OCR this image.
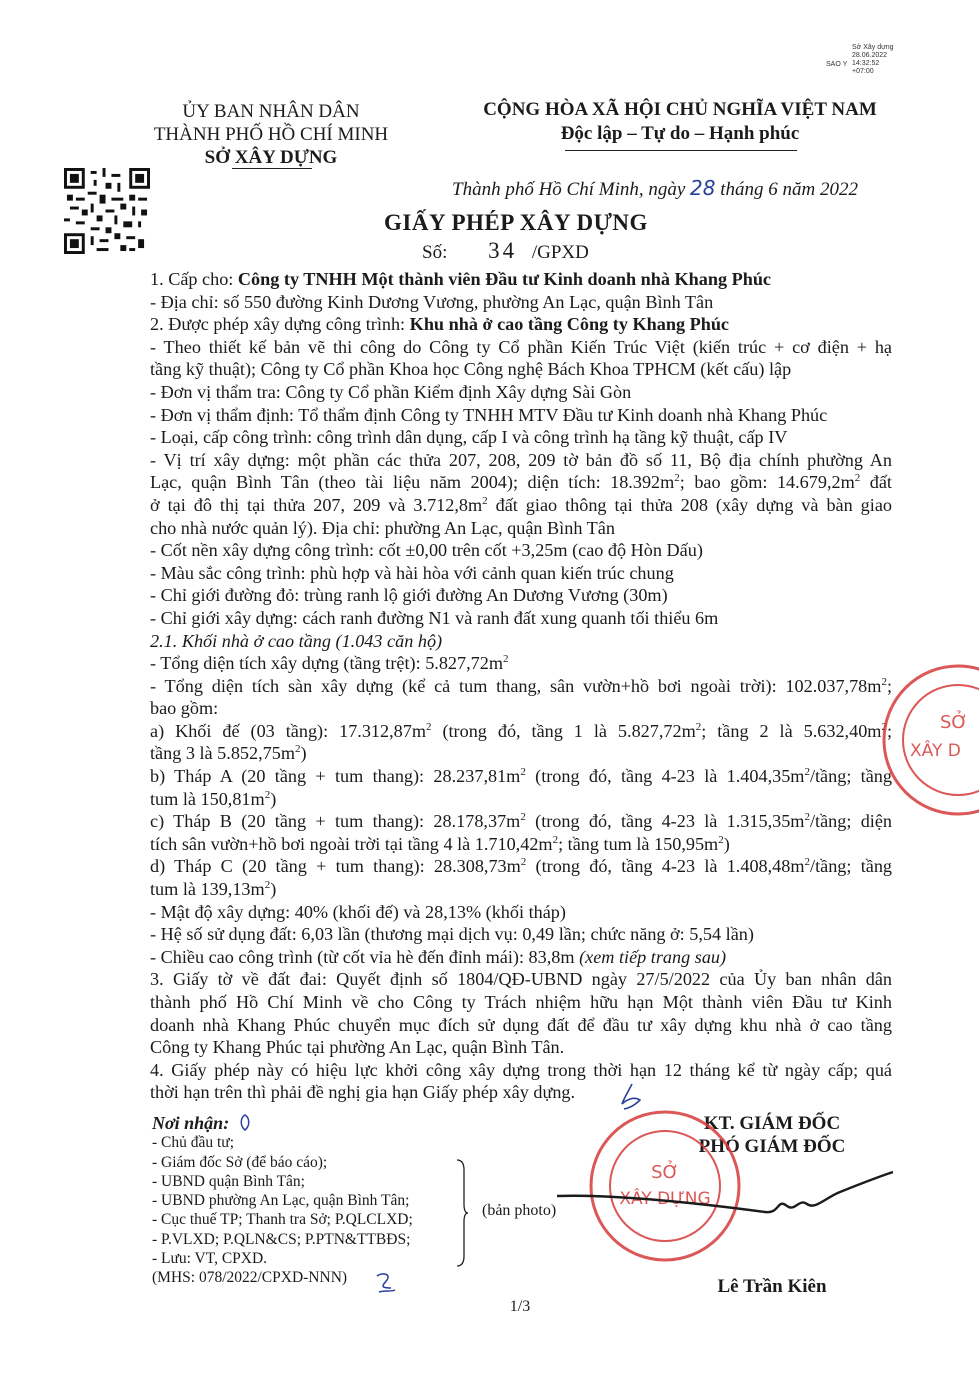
Sở Xây dựng
28.06.2022
14:32:52
+07:00
SAO Y
ỦY BAN NHÂN DÂN
THÀNH PHỐ HỒ CHÍ MINH
SỞ XÂY DỰNG
CỘNG HÒA XÃ HỘI CHỦ NGHĨA VIỆT NAM
Độc lập – Tự do – Hạnh phúc
Thành phố Hồ Chí Minh, ngày 28 tháng 6 năm 2022
GIẤY PHÉP XÂY DỰNG
Số: 34 /GPXD
1. Cấp cho: Công ty TNHH Một thành viên Đầu tư Kinh doanh nhà Khang Phúc
- Địa chỉ: số 550 đường Kinh Dương Vương, phường An Lạc, quận Bình Tân
2. Được phép xây dựng công trình: Khu nhà ở cao tầng Công ty Khang Phúc
- Theo thiết kế bản vẽ thi công do Công ty Cổ phần Kiến Trúc Việt (kiến trúc + cơ điện + hạ
tầng kỹ thuật); Công ty Cổ phần Khoa học Công nghệ Bách Khoa TPHCM (kết cấu) lập
- Đơn vị thẩm tra: Công ty Cổ phần Kiểm định Xây dựng Sài Gòn
- Đơn vị thẩm định: Tổ thẩm định Công ty TNHH MTV Đầu tư Kinh doanh nhà Khang Phúc
- Loại, cấp công trình: công trình dân dụng, cấp I và công trình hạ tầng kỹ thuật, cấp IV
- Vị trí xây dựng: một phần các thửa 207, 208, 209 tờ bản đồ số 11, Bộ địa chính phường An
Lạc, quận Bình Tân (theo tài liệu năm 2004); diện tích: $18.392m^2$; bao gồm: $14.679,2m^2$ đất
ở tại đô thị tại thửa 207, 209 và $3.712,8m^2$ đất giao thông tại thửa 208 (xây dựng và bàn giao
cho nhà nước quản lý). Địa chỉ: phường An Lạc, quận Bình Tân
- Cốt nền xây dựng công trình: cốt ±0,00 trên cốt +3,25m (cao độ Hòn Dấu)
- Màu sắc công trình: phù hợp và hài hòa với cảnh quan kiến trúc chung
- Chỉ giới đường đỏ: trùng ranh lộ giới đường An Dương Vương (30m)
- Chỉ giới xây dựng: cách ranh đường N1 và ranh đất xung quanh tối thiểu 6m
2.1. Khối nhà ở cao tầng (1.043 căn hộ)
- Tổng diện tích xây dựng (tầng trệt): $5.827,72m^2$
- Tổng diện tích sàn xây dựng (kể cả tum thang, sân vườn+hồ bơi ngoài trời): $102.037,78m^2$;
bao gồm:
a) Khối đế (03 tầng): $17.312,87m^2$ (trong đó, tầng 1 là $5.827,72m^2$; tầng 2 là $5.632,40m^2$;
tầng 3 là $5.852,75m^2$)
b) Tháp A (20 tầng + tum thang): $28.237,81m^2$ (trong đó, tầng 4-23 là $1.404,35m^2$/tầng; tầng
tum là $150,81m^2$)
c) Tháp B (20 tầng + tum thang): $28.178,37m^2$ (trong đó, tầng 4-23 là $1.315,35m^2$/tầng; diện
tích sân vườn+hồ bơi ngoài trời tại tầng 4 là $1.710,42m^2$; tầng tum là $150,95m^2$)
d) Tháp C (20 tầng + tum thang): $28.308,73m^2$ (trong đó, tầng 4-23 là $1.408,48m^2$/tầng; tầng
tum là $139,13m^2$)
- Mật độ xây dựng: 40% (khối đế) và 28,13% (khối tháp)
- Hệ số sử dụng đất: 6,03 lần (thương mại dịch vụ: 0,49 lần; chức năng ở: 5,54 lần)
- Chiều cao công trình (từ cốt vỉa hè đến đỉnh mái): 83,8m (xem tiếp trang sau)
3. Giấy tờ về đất đai: Quyết định số 1804/QĐ-UBND ngày 27/5/2022 của Ủy ban nhân dân
thành phố Hồ Chí Minh về cho Công ty Trách nhiệm hữu hạn Một thành viên Đầu tư Kinh
doanh nhà Khang Phúc chuyển mục đích sử dụng đất để đầu tư xây dựng khu nhà ở cao tầng
Công ty Khang Phúc tại phường An Lạc, quận Bình Tân.
4. Giấy phép này có hiệu lực khởi công xây dựng trong thời hạn 12 tháng kể từ ngày cấp; quá
thời hạn trên thì phải đề nghị gia hạn Giấy phép xây dựng.
Nơi nhận:
- Chủ đầu tư;
- Giám đốc Sở (để báo cáo);
- UBND quận Bình Tân;
- UBND phường An Lạc, quận Bình Tân;
- Cục thuế TP; Thanh tra Sở; P.QLCLXD;
- P.VLXD; P.QLN&CS; P.PTN&TTBĐS;
- Lưu: VT, CPXD.
(MHS: 078/2022/CPXD-NNN)
(bản photo)
KT. GIÁM ĐỐC
PHÓ GIÁM ĐỐC
Lê Trần Kiên
SỞ
XÂY DỰNG
SỞ
XÂY D
1/3
